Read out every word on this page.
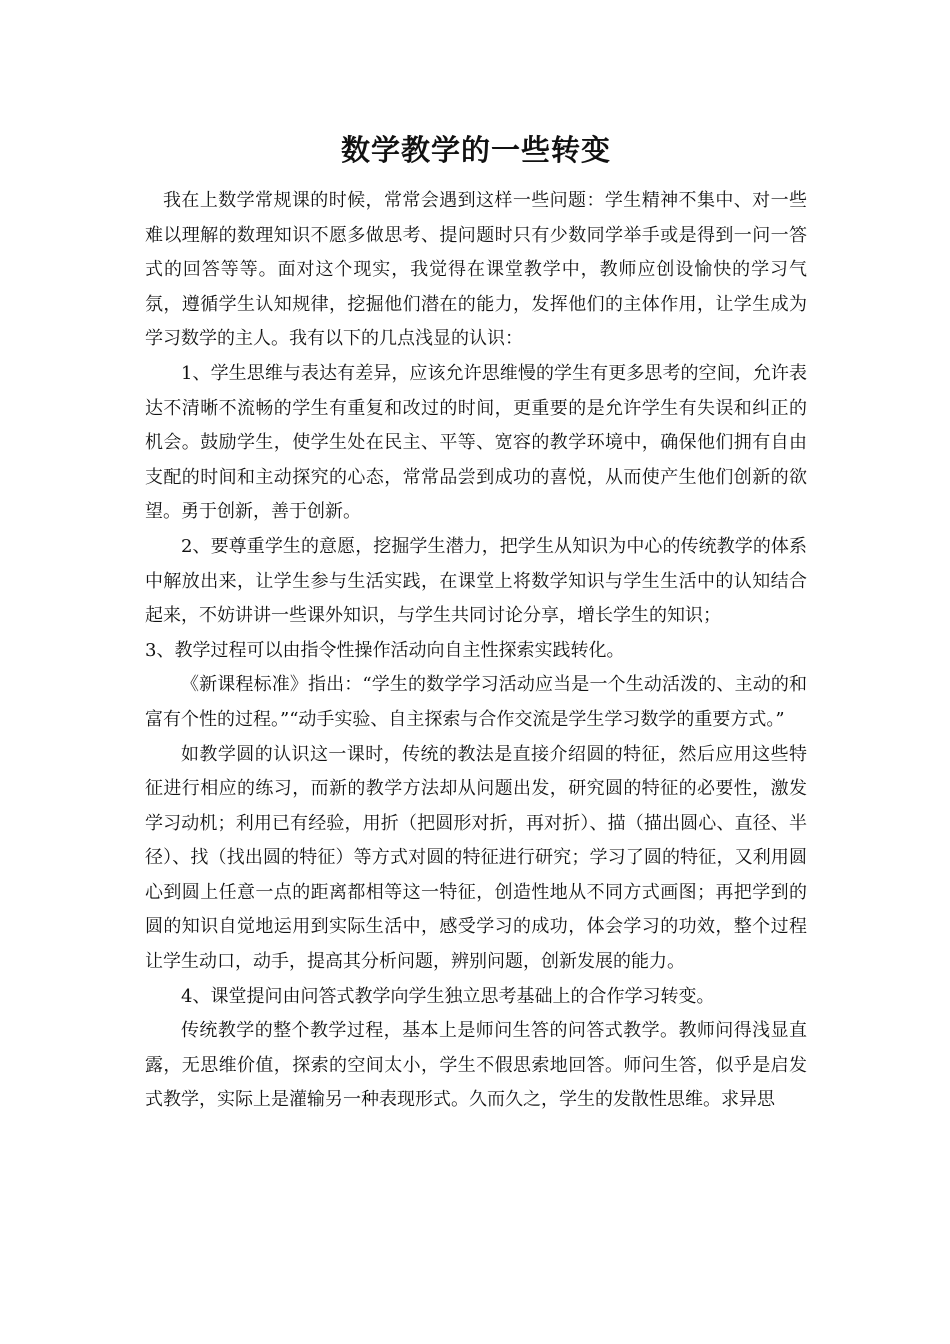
数学教学的一些转变

我在上数学常规课的时候，常常会遇到这样一些问题：学生精神不集中、对一些难以理解的数理知识不愿多做思考、提问题时只有少数同学举手或是得到一问一答式的回答等等。面对这个现实，我觉得在课堂教学中，教师应创设愉快的学习气氛，遵循学生认知规律，挖掘他们潜在的能力，发挥他们的主体作用，让学生成为学习数学的主人。我有以下的几点浅显的认识：

1、学生思维与表达有差异，应该允许思维慢的学生有更多思考的空间，允许表达不清晰不流畅的学生有重复和改过的时间，更重要的是允许学生有失误和纠正的机会。鼓励学生，使学生处在民主、平等、宽容的教学环境中，确保他们拥有自由支配的时间和主动探究的心态，常常品尝到成功的喜悦，从而使产生他们创新的欲望。勇于创新，善于创新。

2、要尊重学生的意愿，挖掘学生潜力，把学生从知识为中心的传统教学的体系中解放出来，让学生参与生活实践，在课堂上将数学知识与学生生活中的认知结合起来，不妨讲讲一些课外知识，与学生共同讨论分享，增长学生的知识；

3、教学过程可以由指令性操作活动向自主性探索实践转化。

《新课程标准》指出：“学生的数学学习活动应当是一个生动活泼的、主动的和富有个性的过程。”“动手实验、自主探索与合作交流是学生学习数学的重要方式。”

如教学圆的认识这一课时，传统的教法是直接介绍圆的特征，然后应用这些特征进行相应的练习，而新的教学方法却从问题出发，研究圆的特征的必要性，激发学习动机；利用已有经验，用折（把圆形对折，再对折）、描（描出圆心、直径、半径）、找（找出圆的特征）等方式对圆的特征进行研究；学习了圆的特征，又利用圆心到圆上任意一点的距离都相等这一特征，创造性地从不同方式画图；再把学到的圆的知识自觉地运用到实际生活中，感受学习的成功，体会学习的功效，整个过程让学生动口，动手，提高其分析问题，辨别问题，创新发展的能力。

4、课堂提问由问答式教学向学生独立思考基础上的合作学习转变。

传统教学的整个教学过程，基本上是师问生答的问答式教学。教师问得浅显直露，无思维价值，探索的空间太小，学生不假思索地回答。师问生答，似乎是启发式教学，实际上是灌输另一种表现形式。久而久之，学生的发散性思维。求异思
